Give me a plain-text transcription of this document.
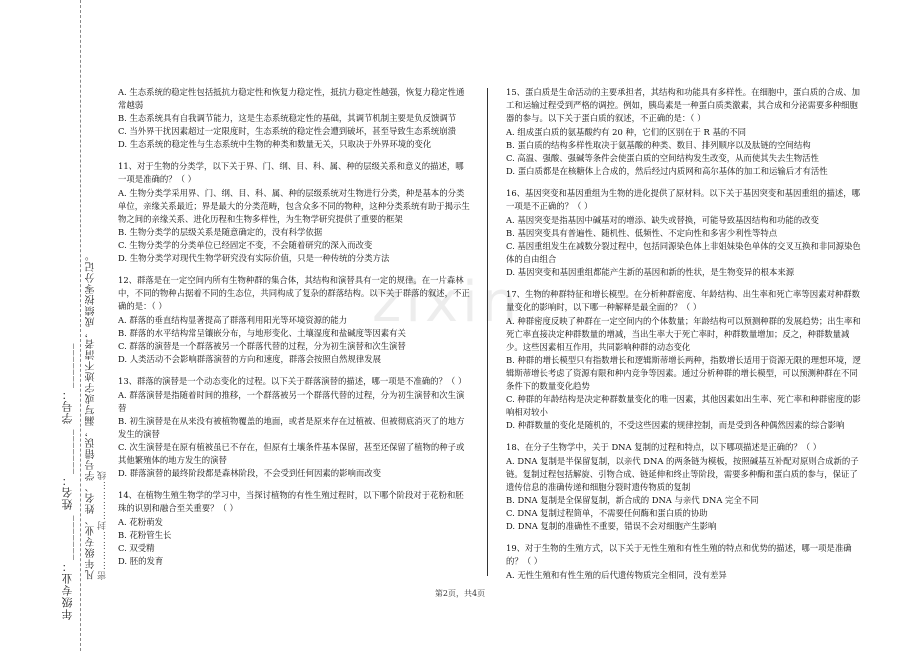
年级专业：_______ 姓名：_______ 学号：_______ 凡年级专业、姓名、学号错误，漏写或字迹不清者，成绩按零分记。 密…………封…………线
zixin

A. 生态系统的稳定性包括抵抗力稳定性和恢复力稳定性，抵抗力稳定性越强，恢复力稳定性通常越弱

B. 生态系统具有自我调节能力，这是生态系统稳定性的基础，其调节机制主要是负反馈调节

C. 当外界干扰因素超过一定限度时，生态系统的稳定性会遭到破坏，甚至导致生态系统崩溃

D. 生态系统的稳定性与生态系统中生物的种类和数量无关，只取决于外界环境的变化

11、对于生物的分类学，以下关于界、门、纲、目、科、属、种的层级关系和意义的描述，哪一项是准确的？（ ）

A. 生物分类学采用界、门、纲、目、科、属、种的层级系统对生物进行分类，种是基本的分类单位，亲缘关系最近；界是最大的分类范畴，包含众多不同的物种，这种分类系统有助于揭示生物之间的亲缘关系、进化历程和生物多样性，为生物学研究提供了重要的框架

B. 生物分类学的层级关系是随意确定的，没有科学依据

C. 生物分类学的分类单位已经固定不变，不会随着研究的深入而改变

D. 生物分类学对现代生物学研究没有实际价值，只是一种传统的分类方法

12、群落是在一定空间内所有生物种群的集合体，其结构和演替具有一定的规律。在一片森林中，不同的物种占据着不同的生态位，共同构成了复杂的群落结构。以下关于群落的叙述，不正确的是：（ ）

A. 群落的垂直结构显著提高了群落利用阳光等环境资源的能力

B. 群落的水平结构常呈镶嵌分布，与地形变化、土壤湿度和盐碱度等因素有关

C. 群落的演替是一个群落被另一个群落代替的过程，分为初生演替和次生演替

D. 人类活动不会影响群落演替的方向和速度，群落会按照自然规律发展

13、群落的演替是一个动态变化的过程。以下关于群落演替的描述，哪一项是不准确的？（ ）

A. 群落演替是指随着时间的推移，一个群落被另一个群落代替的过程，分为初生演替和次生演替

B. 初生演替是在从来没有被植物覆盖的地面，或者是原来存在过植被、但被彻底消灭了的地方发生的演替

C. 次生演替是在原有植被虽已不存在，但原有土壤条件基本保留，甚至还保留了植物的种子或其他繁殖体的地方发生的演替

D. 群落演替的最终阶段都是森林阶段，不会受到任何因素的影响而改变

14、在植物生殖生物学的学习中，当探讨植物的有性生殖过程时，以下哪个阶段对于花粉和胚珠的识别和融合至关重要？（ ）

A. 花粉萌发

B. 花粉管生长

C. 双受精

D. 胚的发育

15、蛋白质是生命活动的主要承担者，其结构和功能具有多样性。在细胞中，蛋白质的合成、加工和运输过程受到严格的调控。例如，胰岛素是一种蛋白质类激素，其合成和分泌需要多种细胞器的参与。以下关于蛋白质的叙述，不正确的是：（ ）

A. 组成蛋白质的氨基酸约有 20 种，它们的区别在于 R 基的不同

B. 蛋白质的结构多样性取决于氨基酸的种类、数目、排列顺序以及肽链的空间结构

C. 高温、强酸、强碱等条件会使蛋白质的空间结构发生改变，从而使其失去生物活性

D. 蛋白质都是在核糖体上合成的，然后经过内质网和高尔基体的加工和运输后才有活性

16、基因突变和基因重组为生物的进化提供了原材料。以下关于基因突变和基因重组的描述，哪一项是不正确的？（ ）

A. 基因突变是指基因中碱基对的增添、缺失或替换，可能导致基因结构和功能的改变

B. 基因突变具有普遍性、随机性、低频性、不定向性和多害少利性等特点

C. 基因重组发生在减数分裂过程中，包括同源染色体上非姐妹染色单体的交叉互换和非同源染色体的自由组合

D. 基因突变和基因重组都能产生新的基因和新的性状，是生物变异的根本来源

17、生物的种群特征和增长模型。在分析种群密度、年龄结构、出生率和死亡率等因素对种群数量变化的影响时，以下哪一种解释是最全面的？（ ）

A. 种群密度反映了种群在一定空间内的个体数量；年龄结构可以预测种群的发展趋势；出生率和死亡率直接决定种群数量的增减，当出生率大于死亡率时，种群数量增加；反之，种群数量减少。这些因素相互作用，共同影响种群的动态变化

B. 种群的增长模型只有指数增长和逻辑斯蒂增长两种，指数增长适用于资源无限的理想环境，逻辑斯蒂增长考虑了资源有限和种内竞争等因素。通过分析种群的增长模型，可以预测种群在不同条件下的数量变化趋势

C. 种群的年龄结构是决定种群数量变化的唯一因素，其他因素如出生率、死亡率和种群密度的影响相对较小

D. 种群数量的变化是随机的，不受这些因素的规律控制，而是受到各种偶然因素的综合影响

18、在分子生物学中，关于 DNA 复制的过程和特点，以下哪项描述是正确的？（ ）

A. DNA 复制是半保留复制，以亲代 DNA 的两条链为模板，按照碱基互补配对原则合成新的子链。复制过程包括解旋、引物合成、链延伸和终止等阶段，需要多种酶和蛋白质的参与，保证了遗传信息的准确传递和细胞分裂时遗传物质的复制

B. DNA 复制是全保留复制，新合成的 DNA 与亲代 DNA 完全不同

C. DNA 复制过程简单，不需要任何酶和蛋白质的协助

D. DNA 复制的准确性不重要，错误不会对细胞产生影响

19、对于生物的生殖方式，以下关于无性生殖和有性生殖的特点和优势的描述，哪一项是准确的？（ ）

A. 无性生殖和有性生殖的后代遗传物质完全相同，没有差异

第2页，共4页
